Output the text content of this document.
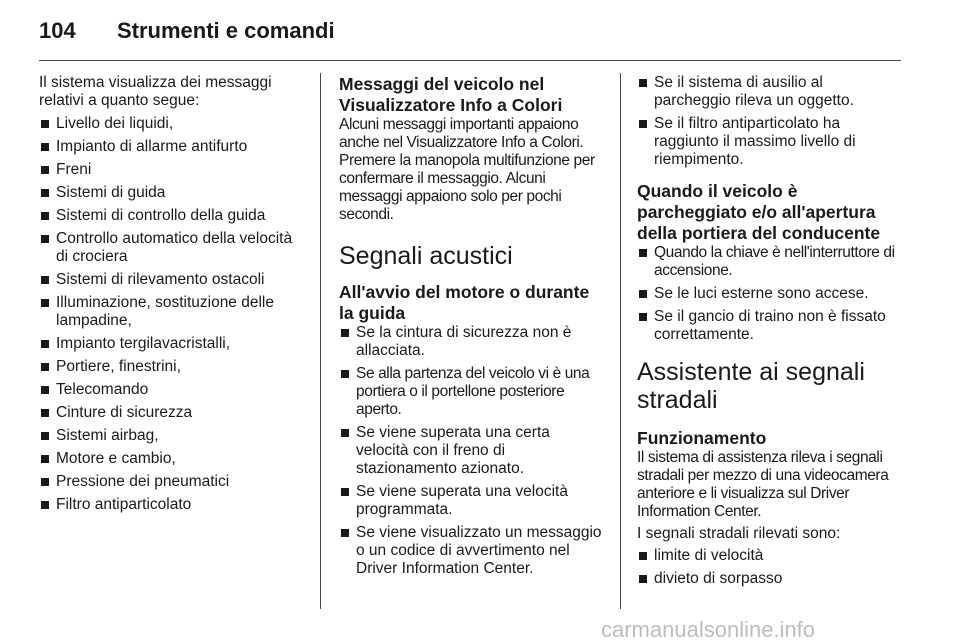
104 Strumenti e comandi

Il sistema visualizza dei messaggi relativi a quanto segue:

Livello dei liquidi,
Impianto di allarme antifurto
Freni
Sistemi di guida
Sistemi di controllo della guida
Controllo automatico della velocità di crociera
Sistemi di rilevamento ostacoli
Illuminazione, sostituzione delle lampadine,
Impianto tergilavacristalli,
Portiere, finestrini,
Telecomando
Cinture di sicurezza
Sistemi airbag,
Motore e cambio,
Pressione dei pneumatici
Filtro antiparticolato
Messaggi del veicolo nel Visualizzatore Info a Colori

Alcuni messaggi importanti appaiono anche nel Visualizzatore Info a Colori. Premere la manopola multifunzione per confermare il messaggio. Alcuni messaggi appaiono solo per pochi secondi.

Segnali acustici
All'avvio del motore o durante la guida
Se la cintura di sicurezza non è allacciata.
Se alla partenza del veicolo vi è una portiera o il portellone posteriore aperto.
Se viene superata una certa velocità con il freno di stazionamento azionato.
Se viene superata una velocità programmata.
Se viene visualizzato un messaggio o un codice di avvertimento nel Driver Information Center.
Se il sistema di ausilio al parcheggio rileva un oggetto.
Se il filtro antiparticolato ha raggiunto il massimo livello di riempimento.
Quando il veicolo è parcheggiato e/o all'apertura della portiera del conducente
Quando la chiave è nell'interruttore di accensione.
Se le luci esterne sono accese.
Se il gancio di traino non è fissato correttamente.
Assistente ai segnali stradali
Funzionamento

Il sistema di assistenza rileva i segnali stradali per mezzo di una videocamera anteriore e li visualizza sul Driver Information Center.

I segnali stradali rilevati sono:

limite di velocità
divieto di sorpasso
carmanualsonline.info
